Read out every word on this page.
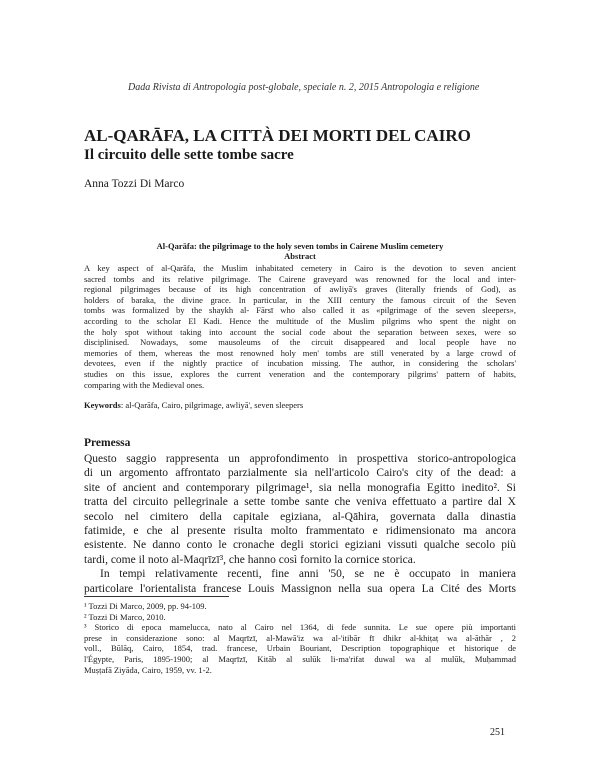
Dada Rivista di Antropologia post-globale, speciale n. 2, 2015 Antropologia e religione
AL-QARĀFA, LA CITTÀ DEI MORTI DEL CAIRO
Il circuito delle sette tombe sacre
Anna Tozzi Di Marco
Al-Qarāfa: the pilgrimage to the holy seven tombs in Cairene Muslim cemetery
Abstract
A key aspect of al-Qarāfa, the Muslim inhabitated cemetery in Cairo is the devotion to seven ancient
sacred tombs and its relative pilgrimage. The Cairene graveyard was renowned for the local and inter-
regional pilgrimages because of its high concentration of awliyā's graves (literally friends of God), as
holders of baraka, the divine grace. In particular, in the XIII century the famous circuit of the Seven
tombs was formalized by the shaykh al- Fārsī who also called it as «pilgrimage of the seven sleepers»,
according to the scholar El Kadi. Hence the multitude of the Muslim pilgrims who spent the night on
the holy spot without taking into account the social code about the separation between sexes, were so
disciplinised. Nowadays, some mausoleums of the circuit disappeared and local people have no
memories of them, whereas the most renowned holy men' tombs are still venerated by a large crowd of
devotees, even if the nightly practice of incubation missing. The author, in considering the scholars'
studies on this issue, explores the current veneration and the contemporary pilgrims' pattern of habits,
comparing with the Medieval ones.
Keywords: al-Qarāfa, Cairo, pilgrimage, awliyā', seven sleepers
Premessa
Questo saggio rappresenta un approfondimento in prospettiva storico-antropologica
di un argomento affrontato parzialmente sia nell'articolo Cairo's city of the dead: a
site of ancient and contemporary pilgrimage¹, sia nella monografia Egitto inedito². Si
tratta del circuito pellegrinale a sette tombe sante che veniva effettuato a partire dal X
secolo nel cimitero della capitale egiziana, al-Qāhira, governata dalla dinastia
fatimide, e che al presente risulta molto frammentato e ridimensionato ma ancora
esistente. Ne danno conto le cronache degli storici egiziani vissuti qualche secolo più
tardi, come il noto al-Maqrīzī³, che hanno così fornito la cornice storica.
In tempi relativamente recenti, fine anni '50, se ne è occupato in maniera
particolare l'orientalista francese Louis Massignon nella sua opera La Cité des Morts
¹ Tozzi Di Marco, 2009, pp. 94-109.
² Tozzi Di Marco, 2010.
³ Storico di epoca mamelucca, nato al Cairo nel 1364, di fede sunnita. Le sue opere più importanti
prese in considerazione sono: al Maqrīzī, al-Mawā'iz wa al-'itibār fī dhikr al-khiṭaṭ wa al-āthār , 2
voll., Būlāq, Cairo, 1854, trad. francese, Urbain Bouriant, Description topographique et historique de
l'Égypte, Paris, 1895-1900; al Maqrīzī, Kitāb al sulūk li-ma'rifat duwal wa al mulūk, Muḥammad
Muṣṭafā Ziyāda, Cairo, 1959, vv. 1-2.
251
